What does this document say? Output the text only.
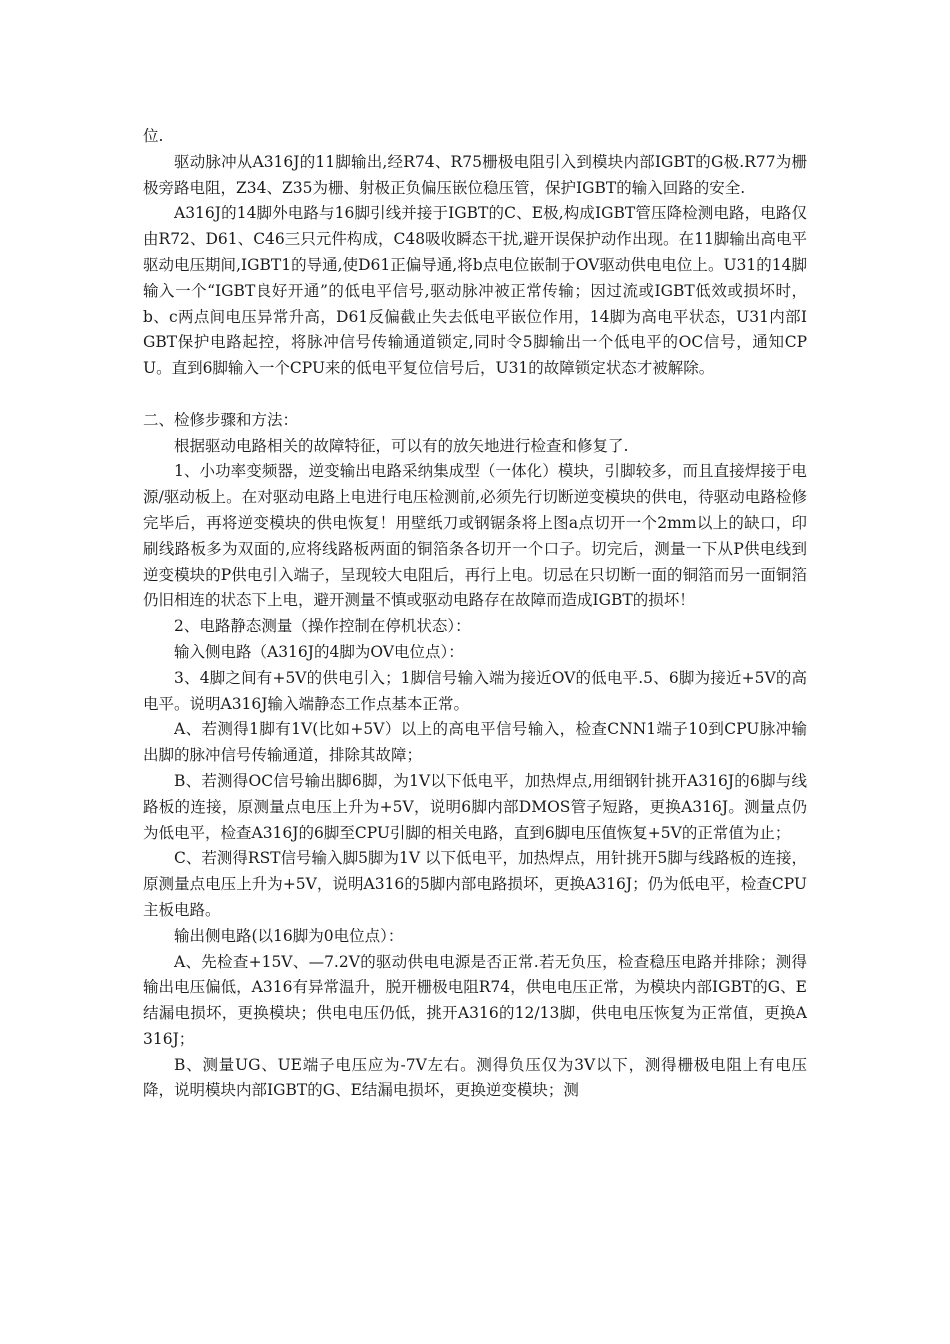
位.

驱动脉冲从A316J的11脚输出,经R74、R75栅极电阻引入到模块内部IGBT的G极.R77为栅极旁路电阻，Z34、Z35为栅、射极正负偏压嵌位稳压管，保护IGBT的输入回路的安全.

A316J的14脚外电路与16脚引线并接于IGBT的C、E极,构成IGBT管压降检测电路，电路仅由R72、D61、C46三只元件构成，C48吸收瞬态干扰,避开误保护动作出现。在11脚输出高电平驱动电压期间,IGBT1的导通,使D61正偏导通,将b点电位嵌制于OV驱动供电电位上。U31的14脚输入一个“IGBT良好开通”的低电平信号,驱动脉冲被正常传输；因过流或IGBT低效或损坏时，b、c两点间电压异常升高，D61反偏截止失去低电平嵌位作用，14脚为高电平状态，U31内部IGBT保护电路起控，将脉冲信号传输通道锁定,同时令5脚输出一个低电平的OC信号，通知CPU。直到6脚输入一个CPU来的低电平复位信号后，U31的故障锁定状态才被解除。

二、检修步骤和方法：

根据驱动电路相关的故障特征，可以有的放矢地进行检查和修复了.

1、小功率变频器，逆变输出电路采纳集成型（一体化）模块，引脚较多，而且直接焊接于电源/驱动板上。在对驱动电路上电进行电压检测前,必须先行切断逆变模块的供电，待驱动电路检修完毕后，再将逆变模块的供电恢复！用壁纸刀或钢锯条将上图a点切开一个2mm以上的缺口，印刷线路板多为双面的,应将线路板两面的铜箔条各切开一个口子。切完后，测量一下从P供电线到逆变模块的P供电引入端子，呈现较大电阻后，再行上电。切忌在只切断一面的铜箔而另一面铜箔仍旧相连的状态下上电，避开测量不慎或驱动电路存在故障而造成IGBT的损坏！

2、电路静态测量（操作控制在停机状态）：

输入侧电路（A316J的4脚为OV电位点）：

3、4脚之间有+5V的供电引入；1脚信号输入端为接近OV的低电平.5、6脚为接近+5V的高电平。说明A316J输入端静态工作点基本正常。

A、若测得1脚有1V(比如+5V）以上的高电平信号输入，检查CNN1端子10到CPU脉冲输出脚的脉冲信号传输通道，排除其故障；

B、若测得OC信号输出脚6脚，为1V以下低电平，加热焊点,用细钢针挑开A316J的6脚与线路板的连接，原测量点电压上升为+5V，说明6脚内部DMOS管子短路，更换A316J。测量点仍为低电平，检查A316J的6脚至CPU引脚的相关电路，直到6脚电压值恢复+5V的正常值为止；

C、若测得RST信号输入脚5脚为1V 以下低电平，加热焊点，用针挑开5脚与线路板的连接，原测量点电压上升为+5V，说明A316的5脚内部电路损坏，更换A316J；仍为低电平，检查CPU主板电路。

输出侧电路(以16脚为0电位点）：

A、先检查+15V、—7.2V的驱动供电电源是否正常.若无负压，检查稳压电路并排除；测得输出电压偏低，A316有异常温升，脱开栅极电阻R74，供电电压正常，为模块内部IGBT的G、E结漏电损坏，更换模块；供电电压仍低，挑开A316的12/13脚，供电电压恢复为正常值，更换A316J；

B、测量UG、UE端子电压应为-7V左右。测得负压仅为3V以下，测得栅极电阻上有电压降，说明模块内部IGBT的G、E结漏电损坏，更换逆变模块；测
